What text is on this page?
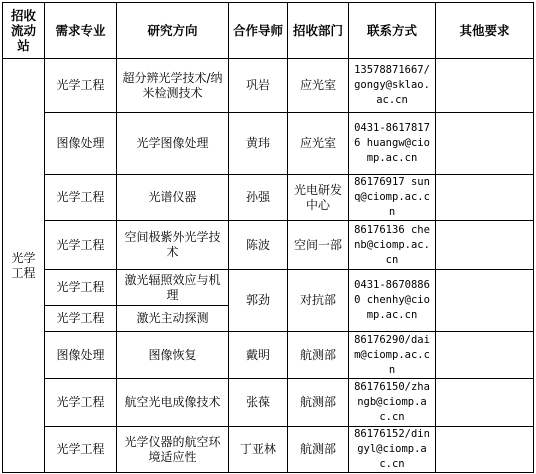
招收
流动
站	需求专业	研究方向	合作导师	招收部门	联系方式	其他要求
光学工程	光学工程	超分辨光学技术/纳米检测技术	巩岩	应光室	13578871667/gongy@sklao.ac.cn	
	图像处理	光学图像处理	黄玮	应光室	0431-86178176 huangw@ciomp.ac.cn	
	光学工程	光谱仪器	孙强	光电研发中心	86176917 sunq@ciomp.ac.cn	
	光学工程	空间极紫外光学技术	陈波	空间一部	86176136 chenb@ciomp.ac.cn	
	光学工程	激光辐照效应与机理	郭劲	对抗部	0431-86708860 chenhy@ciomp.ac.cn	
	光学工程	激光主动探测				
	图像处理	图像恢复	戴明	航测部	86176290/daim@ciomp.ac.cn	
	光学工程	航空光电成像技术	张葆	航测部	86176150/zhangb@ciomp.ac.cn	
	光学工程	光学仪器的航空环境适应性	丁亚林	航测部	86176152/dingyl@ciomp.ac.cn	
